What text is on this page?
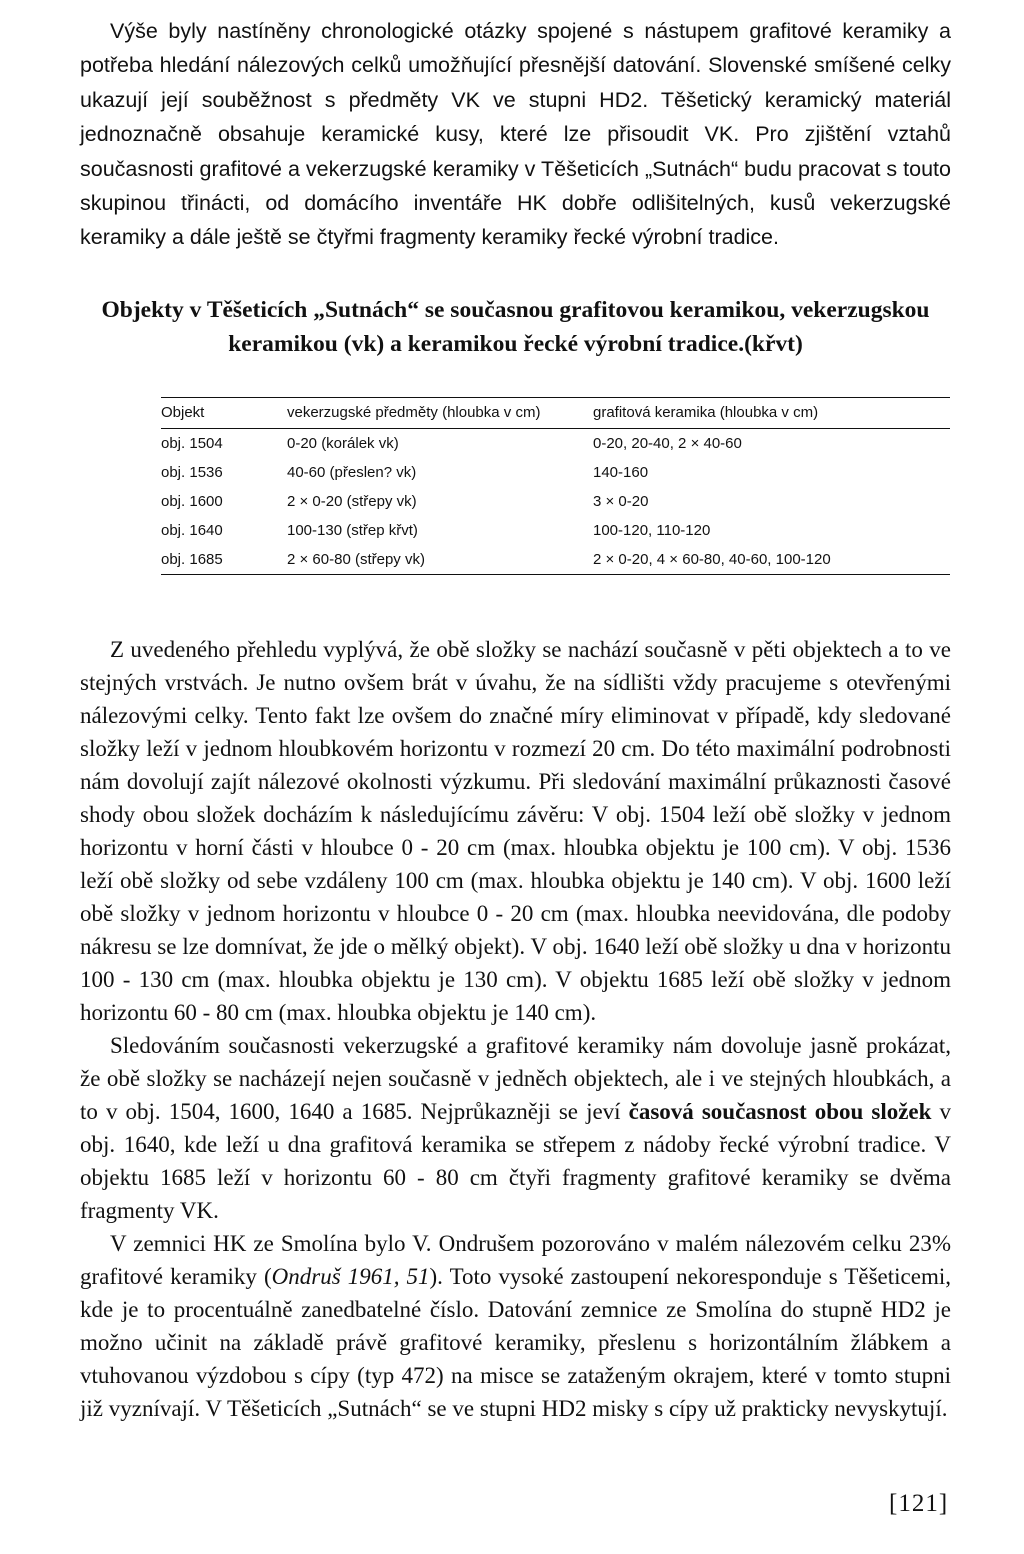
Výše byly nastíněny chronologické otázky spojené s nástupem grafitové keramiky a potřeba hledání nálezových celků umožňující přesnější datování. Slovenské smíšené celky ukazují její souběžnost s předměty VK ve stupni HD2. Těšetický keramický materiál jednoznačně obsahuje keramické kusy, které lze přisoudit VK. Pro zjištění vztahů současnosti grafitové a vekerzugské keramiky v Těšeticích „Sutnách“ budu pracovat s touto skupinou třinácti, od domácího inventáře HK dobře odlišitelných, kusů vekerzugské keramiky a dále ještě se čtyřmi fragmenty keramiky řecké výrobní tradice.

Objekty v Těšeticích „Sutnách“ se současnou grafitovou keramikou, vekerzugskou keramikou (vk) a keramikou řecké výrobní tradice.(křvt)
Objekt	vekerzugské předměty (hloubka v cm)	grafitová keramika (hloubka v cm)
obj. 1504	0-20 (korálek vk)	0-20, 20-40, 2 × 40-60
obj. 1536	40-60 (přeslen? vk)	140-160
obj. 1600	2 × 0-20 (střepy vk)	3 × 0-20
obj. 1640	100-130 (střep křvt)	100-120, 110-120
obj. 1685	2 × 60-80 (střepy vk)	2 × 0-20, 4 × 60-80, 40-60, 100-120

Z uvedeného přehledu vyplývá, že obě složky se nachází současně v pěti objektech a to ve stejných vrstvách. Je nutno ovšem brát v úvahu, že na sídlišti vždy pracujeme s otevřenými nálezovými celky. Tento fakt lze ovšem do značné míry eliminovat v případě, kdy sledované složky leží v jednom hloubkovém horizontu v rozmezí 20 cm. Do této maximální podrobnosti nám dovolují zajít nálezové okolnosti výzkumu. Při sledování maximální průkaznosti časové shody obou složek docházím k následujícímu závěru: V obj. 1504 leží obě složky v jednom horizontu v horní části v hloubce 0 - 20 cm (max. hloubka objektu je 100 cm). V obj. 1536 leží obě složky od sebe vzdáleny 100 cm (max. hloubka objektu je 140 cm). V obj. 1600 leží obě složky v jednom horizontu v hloubce 0 - 20 cm (max. hloubka neevidována, dle podoby nákresu se lze domnívat, že jde o mělký objekt). V obj. 1640 leží obě složky u dna v horizontu 100 - 130 cm (max. hloubka objektu je 130 cm). V objektu 1685 leží obě složky v jednom horizontu 60 - 80 cm (max. hloubka objektu je 140 cm).

Sledováním současnosti vekerzugské a grafitové keramiky nám dovoluje jasně prokázat, že obě složky se nacházejí nejen současně v jedněch objektech, ale i ve stejných hloubkách, a to v obj. 1504, 1600, 1640 a 1685. Nejprůkazněji se jeví časová současnost obou složek v obj. 1640, kde leží u dna grafitová keramika se střepem z nádoby řecké výrobní tradice. V objektu 1685 leží v horizontu 60 - 80 cm čtyři fragmenty grafitové keramiky se dvěma fragmenty VK.

V zemnici HK ze Smolína bylo V. Ondrušem pozorováno v malém nálezovém celku 23% grafitové keramiky (Ondruš 1961, 51). Toto vysoké zastoupení nekoresponduje s Těšeticemi, kde je to procentuálně zanedbatelné číslo. Datování zemnice ze Smolína do stupně HD2 je možno učinit na základě právě grafitové keramiky, přeslenu s horizontálním žlábkem a vtuhovanou výzdobou s cípy (typ 472) na misce se zataženým okrajem, které v tomto stupni již vyznívají. V Těšeticích „Sutnách“ se ve stupni HD2 misky s cípy už prakticky nevyskytují.

[121]
